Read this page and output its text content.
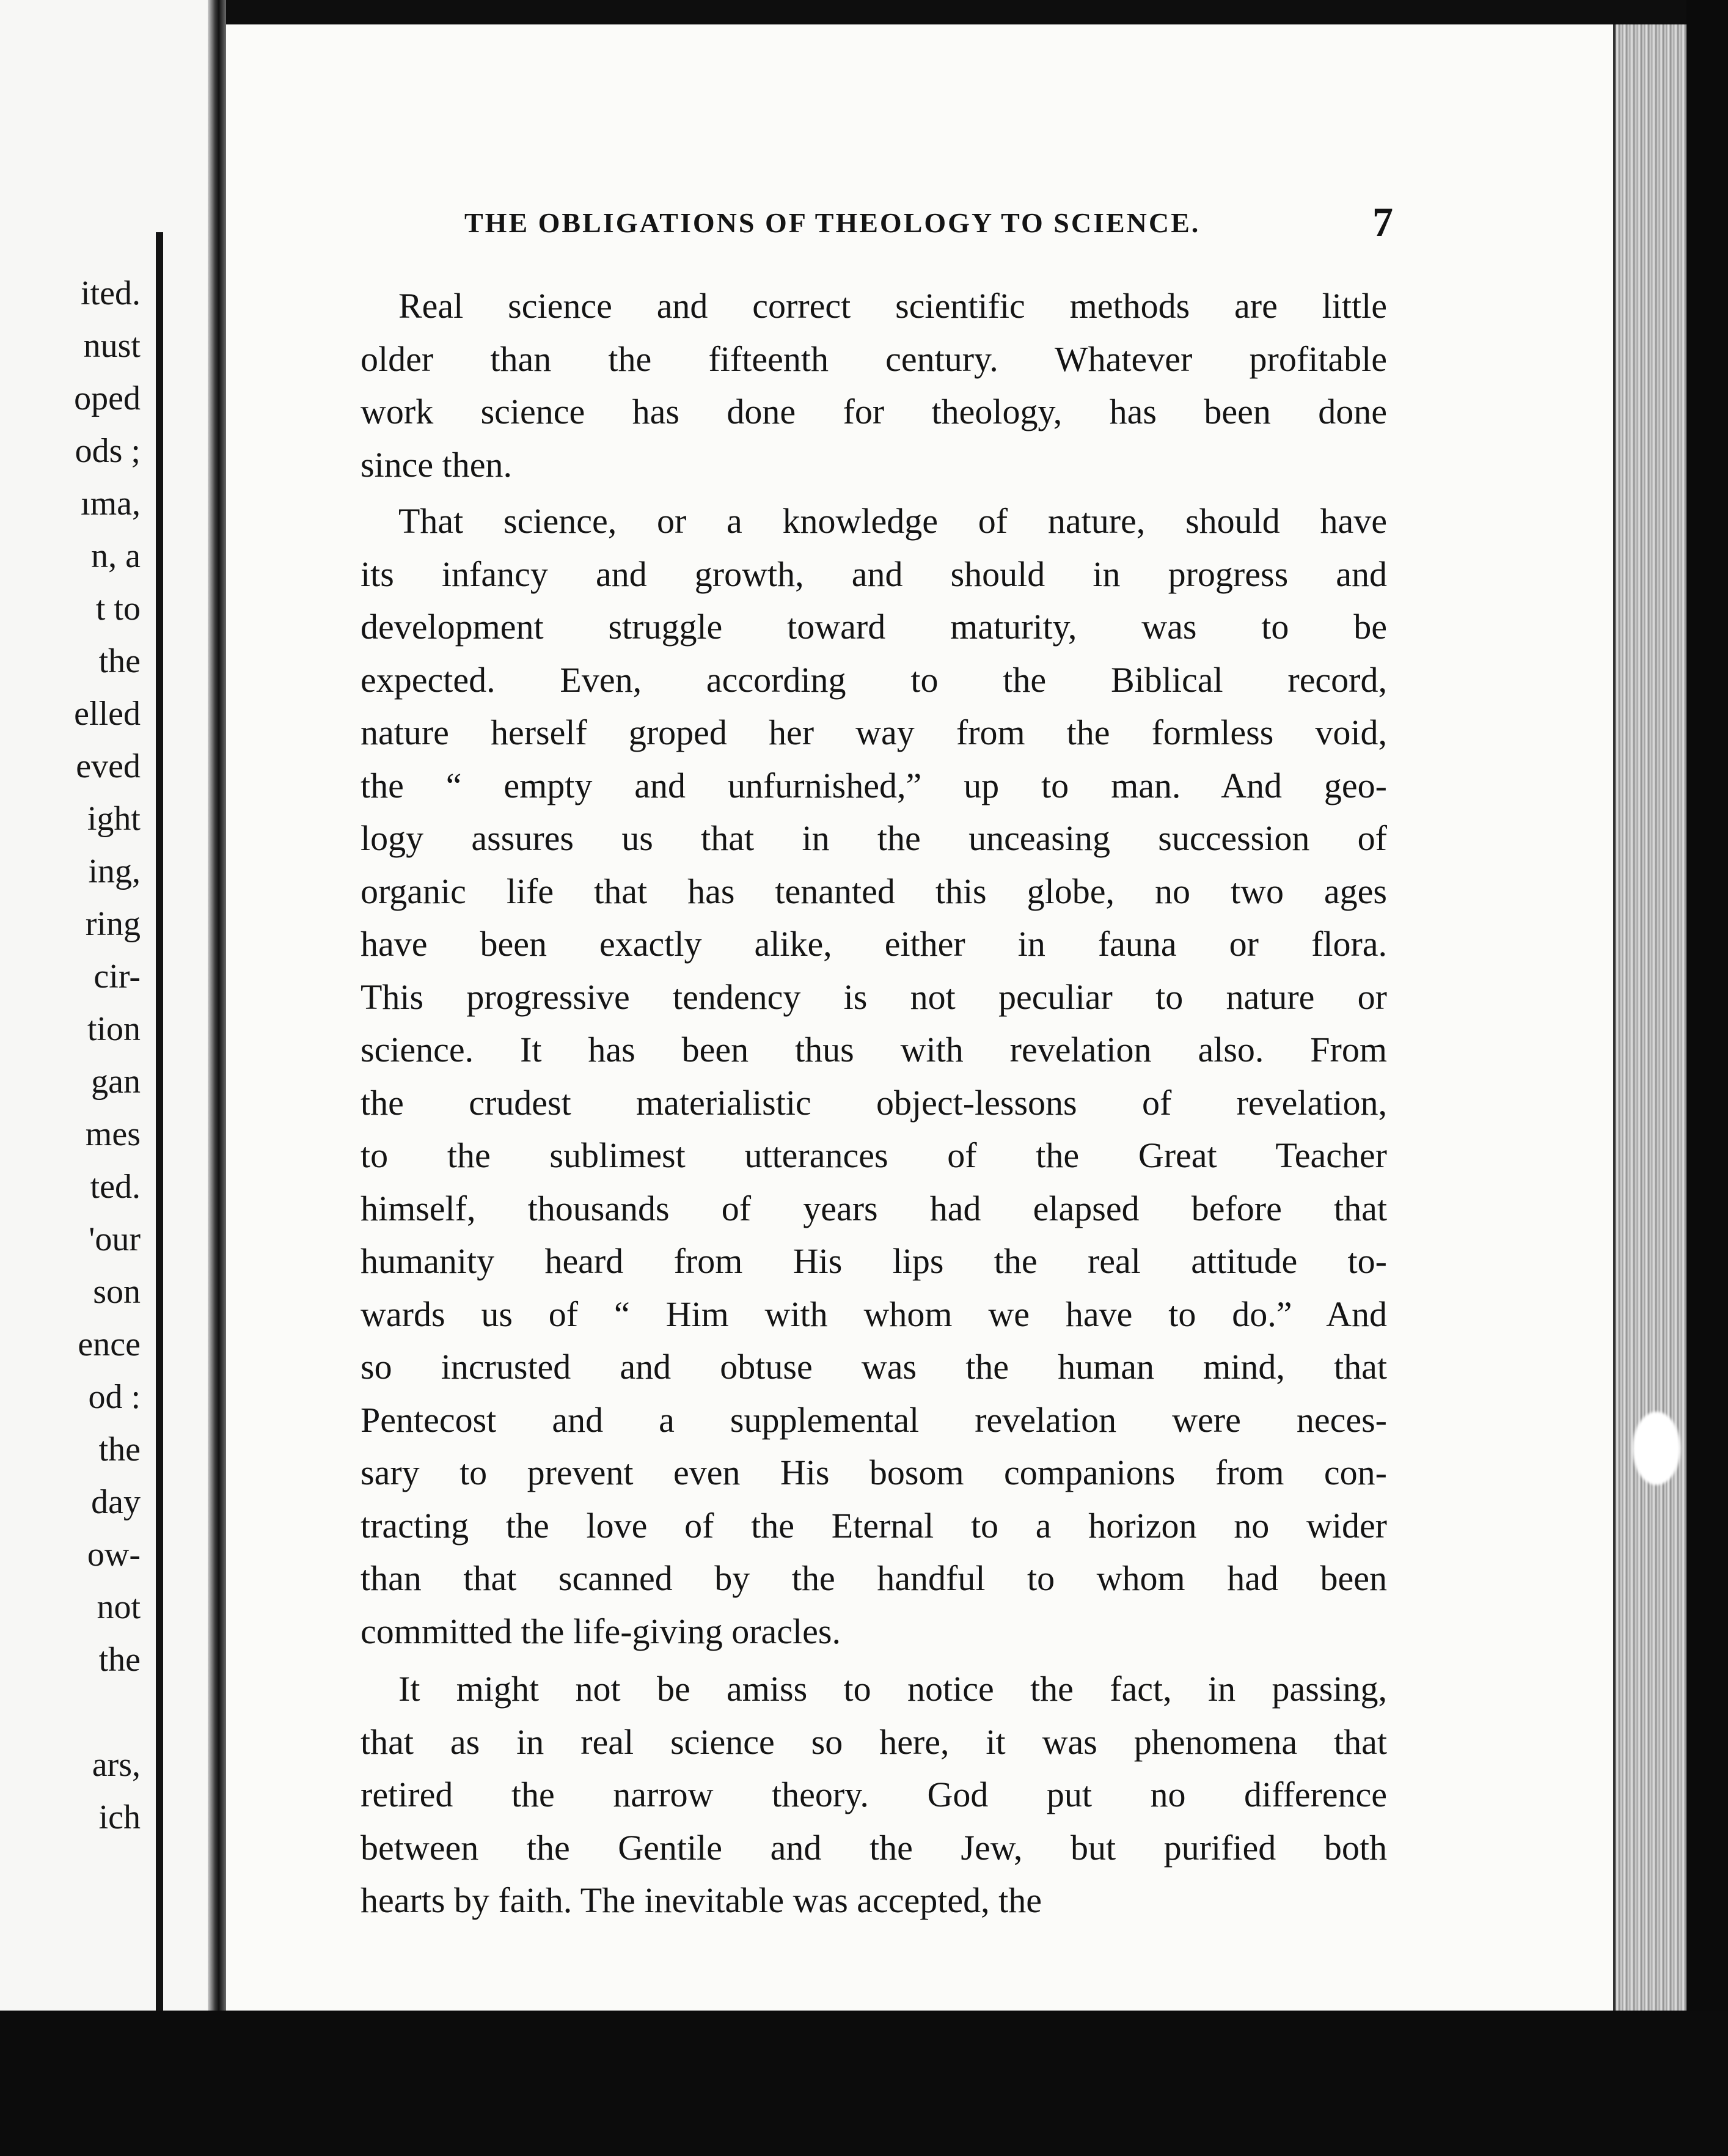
ited.
nust
oped
ods ;
ıma,
n, a
t to
the
elled
eved
ight
ing,
ring
cir-
tion
gan
mes
ted.
'our
son
ence
od :
the
day
ow-
not
the
ars,
ich
THE OBLIGATIONS OF THEOLOGY TO SCIENCE.	7
Real science and correct scientific methods are little
older than the fifteenth century. Whatever profitable
work science has done for theology, has been done
since then.
That science, or a knowledge of nature, should have
its infancy and growth, and should in progress and
development struggle toward maturity, was to be
expected. Even, according to the Biblical record,
nature herself groped her way from the formless void,
the “ empty and unfurnished,” up to man. And geo-
logy assures us that in the unceasing succession of
organic life that has tenanted this globe, no two ages
have been exactly alike, either in fauna or flora.
This progressive tendency is not peculiar to nature or
science. It has been thus with revelation also. From
the crudest materialistic object-lessons of revelation,
to the sublimest utterances of the Great Teacher
himself, thousands of years had elapsed before that
humanity heard from His lips the real attitude to-
wards us of “ Him with whom we have to do.” And
so incrusted and obtuse was the human mind, that
Pentecost and a supplemental revelation were neces-
sary to prevent even His bosom companions from con-
tracting the love of the Eternal to a horizon no wider
than that scanned by the handful to whom had been
committed the life-giving oracles.
It might not be amiss to notice the fact, in passing,
that as in real science so here, it was phenomena that
retired the narrow theory. God put no difference
between the Gentile and the Jew, but purified both
hearts by faith. The inevitable was accepted, the
